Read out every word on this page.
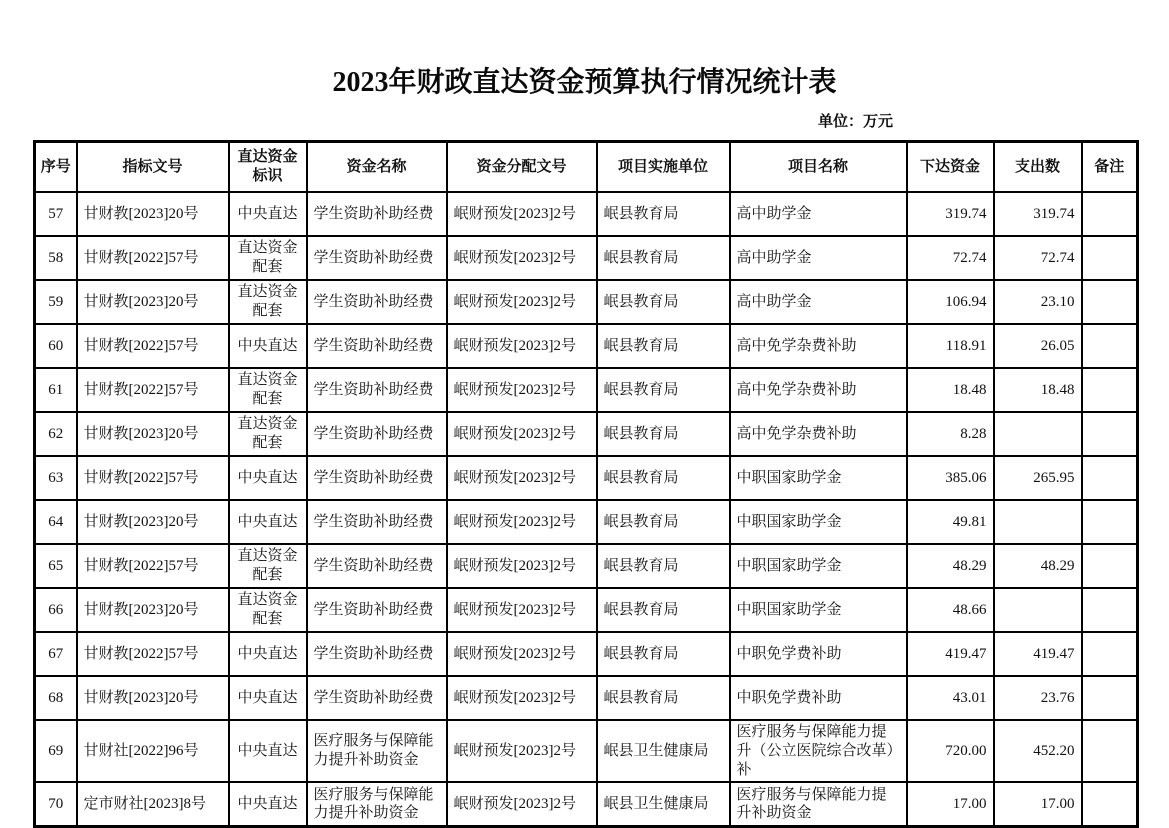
2023年财政直达资金预算执行情况统计表
单位：万元
序号	指标文号	直达资金标识	资金名称	资金分配文号	项目实施单位	项目名称	下达资金	支出数	备注
57	甘财教[2023]20号	中央直达	学生资助补助经费	岷财预发[2023]2号	岷县教育局	高中助学金	319.74	319.74	
58	甘财教[2022]57号	直达资金配套	学生资助补助经费	岷财预发[2023]2号	岷县教育局	高中助学金	72.74	72.74	
59	甘财教[2023]20号	直达资金配套	学生资助补助经费	岷财预发[2023]2号	岷县教育局	高中助学金	106.94	23.10	
60	甘财教[2022]57号	中央直达	学生资助补助经费	岷财预发[2023]2号	岷县教育局	高中免学杂费补助	118.91	26.05	
61	甘财教[2022]57号	直达资金配套	学生资助补助经费	岷财预发[2023]2号	岷县教育局	高中免学杂费补助	18.48	18.48	
62	甘财教[2023]20号	直达资金配套	学生资助补助经费	岷财预发[2023]2号	岷县教育局	高中免学杂费补助	8.28		
63	甘财教[2022]57号	中央直达	学生资助补助经费	岷财预发[2023]2号	岷县教育局	中职国家助学金	385.06	265.95	
64	甘财教[2023]20号	中央直达	学生资助补助经费	岷财预发[2023]2号	岷县教育局	中职国家助学金	49.81		
65	甘财教[2022]57号	直达资金配套	学生资助补助经费	岷财预发[2023]2号	岷县教育局	中职国家助学金	48.29	48.29	
66	甘财教[2023]20号	直达资金配套	学生资助补助经费	岷财预发[2023]2号	岷县教育局	中职国家助学金	48.66		
67	甘财教[2022]57号	中央直达	学生资助补助经费	岷财预发[2023]2号	岷县教育局	中职免学费补助	419.47	419.47	
68	甘财教[2023]20号	中央直达	学生资助补助经费	岷财预发[2023]2号	岷县教育局	中职免学费补助	43.01	23.76	
69	甘财社[2022]96号	中央直达	医疗服务与保障能力提升补助资金	岷财预发[2023]2号	岷县卫生健康局	医疗服务与保障能力提升（公立医院综合改革）补	720.00	452.20	
70	定市财社[2023]8号	中央直达	医疗服务与保障能力提升补助资金	岷财预发[2023]2号	岷县卫生健康局	医疗服务与保障能力提升补助资金	17.00	17.00	
